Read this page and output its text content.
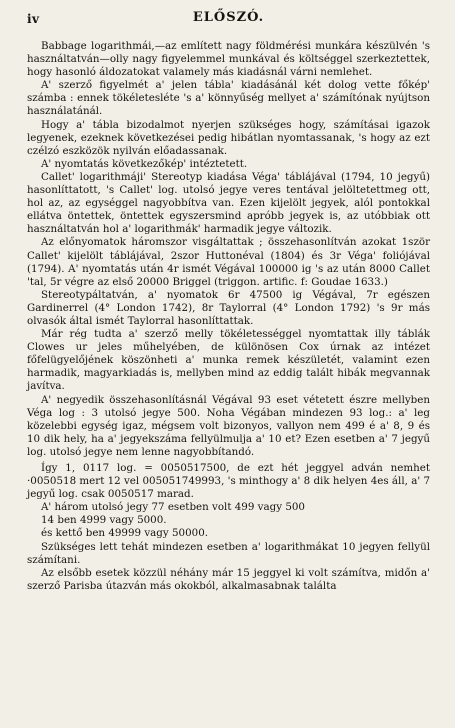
iv	ELŐSZÓ.

Babbage logarithmái,—az említett nagy földmérési munkára készülvén 's használtatván—olly nagy figyelemmel munkával és költséggel szerkeztettek, hogy hasonló áldozatokat valamely más kiadásnál várni nemlehet.

A' szerző figyelmét a' jelen tábla' kiadásánál két dolog vette főkép' számba : ennek tökéletesléte 's a' könnyűség mellyet a' számítónak nyújtson használatánál.

Hogy a' tábla bizodalmot nyerjen szükséges hogy, számításai igazok legyenek, ezeknek következései pedig hibátlan nyomtassanak, 's hogy az ezt czélzó eszközök nyilván előadassanak.

A' nyomtatás következőkép' intéztetett.

Callet' logarithmáji' Stereotyp kiadása Véga' táblájával (1794, 10 jegyű) hasonlíttatott, 's Callet' log. utolsó jegye veres tentával jelöltetettmeg ott, hol az, az egységgel nagyobbítva van. Ezen kijelölt jegyek, alól pontokkal ellátva öntettek, öntettek egyszersmind apróbb jegyek is, az utóbbiak ott használtatván hol a' logarithmák' harmadik jegye változik.

Az előnyomatok háromszor visgáltattak ; összehasonlítván azokat 1ször Callet' kijelölt táblájával, 2szor Huttonéval (1804) és 3r Véga' foliójával (1794). A' nyomtatás után 4r ismét Végával 100000 ig 's az után 8000 Callet 'tal, 5r végre az első 20000 Briggel (triggon. artific. f: Goudae 1633.)

Stereotypáltatván, a' nyomatok 6r 47500 ig Végával, 7r egészen Gardinerrel (4° London 1742), 8r Taylorral (4° London 1792) 's 9r más olvasók által ismét Taylorral hasonlíttattak.

Már rég tudta a' szerző melly tökéletességgel nyomtattak illy táblák Clowes ur jeles műhelyében, de különösen Cox úrnak az intézet főfelügyelőjének köszönheti a' munka remek készületét, valamint ezen harmadik, magyarkiadás is, mellyben mind az eddig talált hibák megvannak javítva.

A' negyedik összehasonlításnál Végával 93 eset vétetett észre mellyben Véga log : 3 utolsó jegye 500. Noha Végában mindezen 93 log.: a' leg közelebbi egység igaz, mégsem volt bizonyos, vallyon nem 499 é a' 8, 9 és 10 dik hely, ha a' jegyekszáma fellyülmulja a' 10 et? Ezen esetben a' 7 jegyű log. utolsó jegye nem lenne nagyobbítandó.

Így 1, 0117 log. = 0050517500, de ezt hét jeggyel adván nemhet ·0050518 mert 12 vel 005051749993, 's minthogy a' 8 dik helyen 4es áll, a' 7 jegyű log. csak 0050517 marad.

A' három utolsó jegy 77 esetben volt 499 vagy 500

14 ben 4999 vagy 5000.

és kettő ben 49999 vagy 50000.

Szükséges lett tehát mindezen esetben a' logarithmákat 10 jegyen fellyül számítani.

Az elsőbb esetek közzül néhány már 15 jeggyel ki volt számítva, midőn a' szerző Parisba útazván más okokból, alkalmasabnak találta
